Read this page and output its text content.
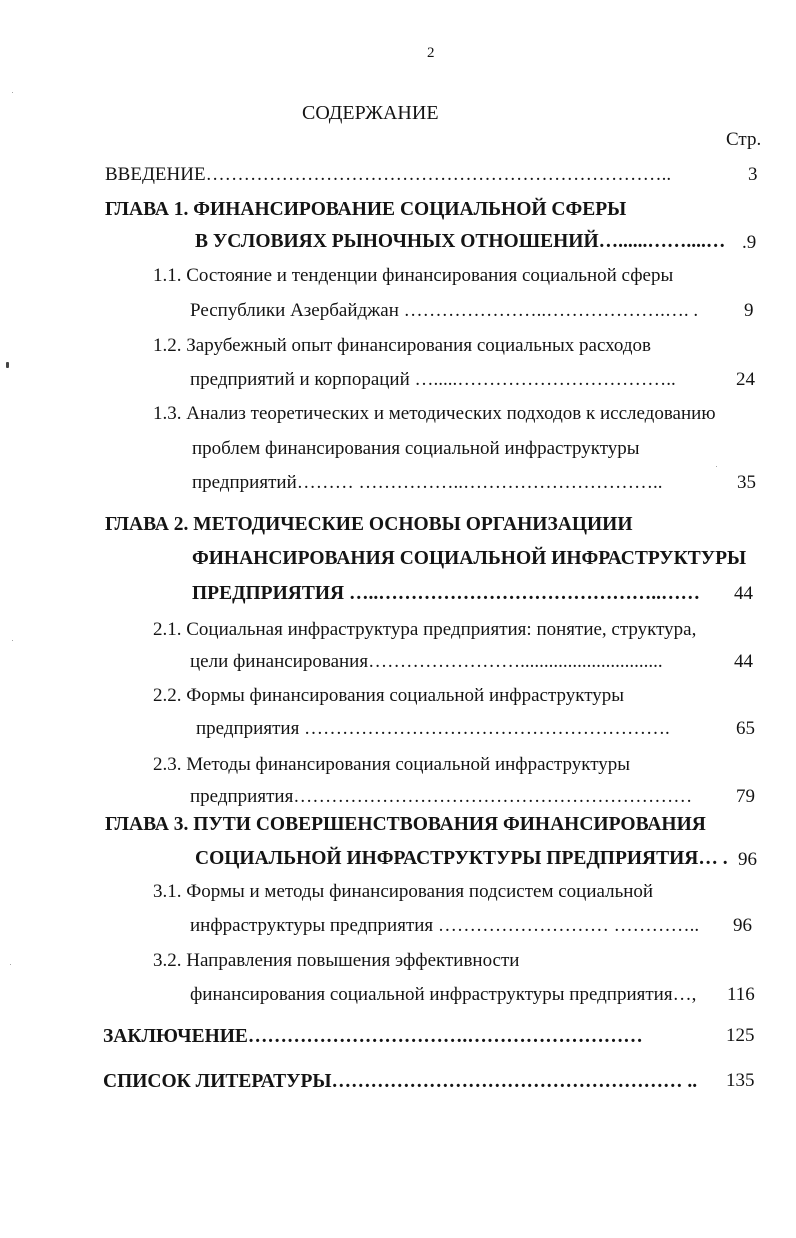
2
СОДЕРЖАНИЕ
Стр.
ВВЕДЕНИЕ………………………………………………………………..	3
ГЛАВА 1. ФИНАНСИРОВАНИЕ СОЦИАЛЬНОЙ СФЕРЫ
В УСЛОВИЯХ РЫНОЧНЫХ ОТНОШЕНИЙ…......……....… .9
1.1. Состояние и тенденции финансирования социальной сферы
Республики Азербайджан …………………..……………….…. . 9
1.2. Зарубежный опыт финансирования социальных расходов
предприятий и корпораций ….....……………………………..	24
1.3. Анализ теоретических и методических подходов к исследованию
проблем финансирования социальной инфраструктуры
предприятий……… ……………..…………………………..	35
ГЛАВА 2. МЕТОДИЧЕСКИЕ ОСНОВЫ ОРГАНИЗАЦИИИ
ФИНАНСИРОВАНИЯ СОЦИАЛЬНОЙ ИНФРАСТРУКТУРЫ
ПРЕДПРИЯТИЯ …..……………………………………..…… 44
2.1. Социальная инфраструктура предприятия: понятие, структура,
цели финансирования……………………..............................	44
2.2. Формы финансирования социальной инфраструктуры
предприятия ………………………………………………….	65
2.3. Методы финансирования социальной инфраструктуры
предприятия……………………………………………………… 79
ГЛАВА 3. ПУТИ СОВЕРШЕНСТВОВАНИЯ ФИНАНСИРОВАНИЯ
СОЦИАЛЬНОЙ ИНФРАСТРУКТУРЫ ПРЕДПРИЯТИЯ… . 96
3.1. Формы и методы финансирования подсистем социальной
инфраструктуры предприятия ……………………… ………….. 96
3.2. Направления повышения эффективности
финансирования социальной инфраструктуры предприятия…, 116
ЗАКЛЮЧЕНИЕ…………………………….………………………	125
СПИСОК ЛИТЕРАТУРЫ……………………………………………… .. 135
